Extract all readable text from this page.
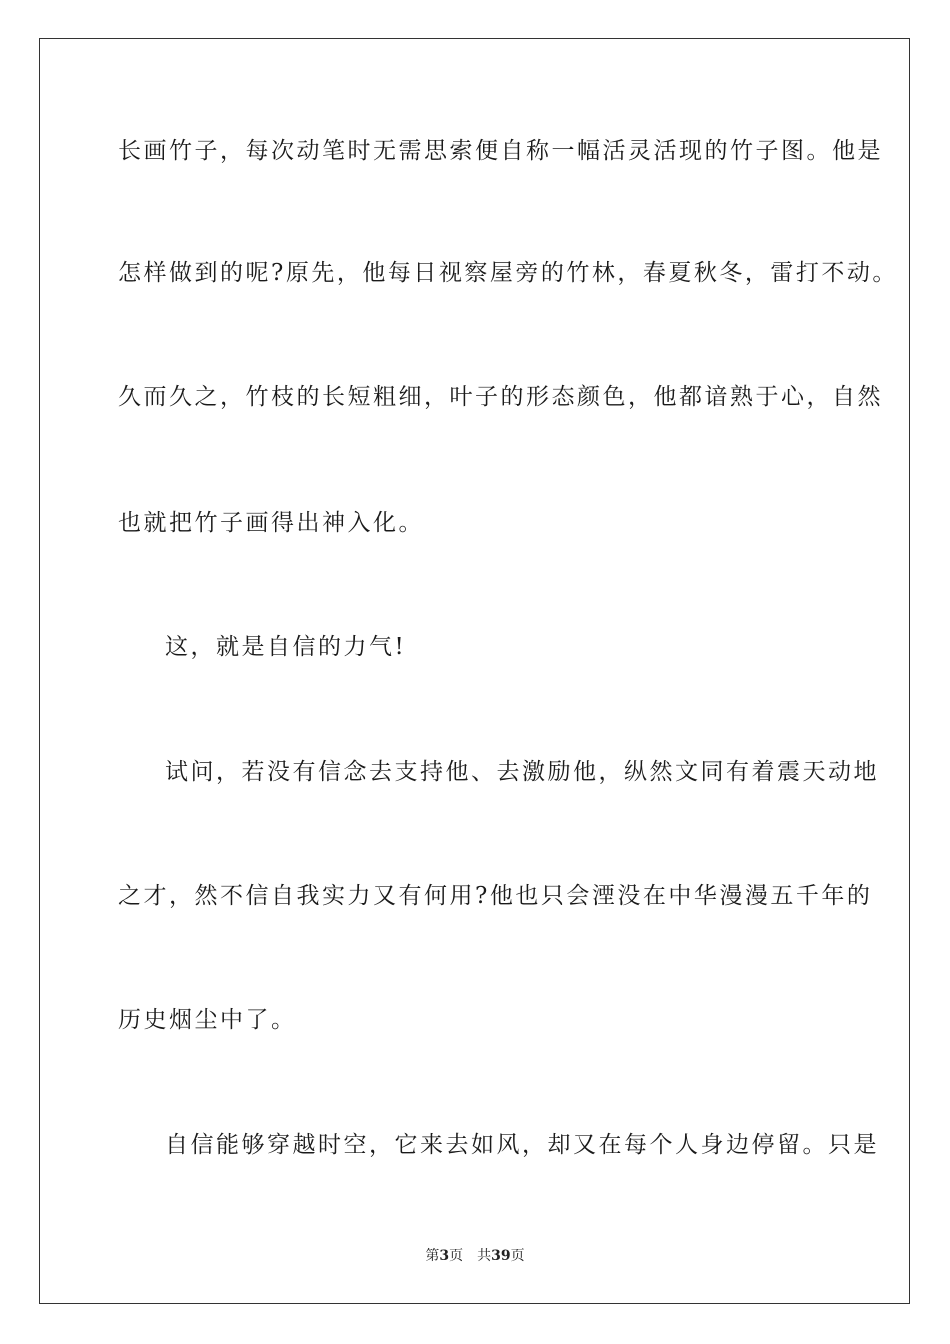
长画竹子，每次动笔时无需思索便自称一幅活灵活现的竹子图。他是
怎样做到的呢?原先，他每日视察屋旁的竹林，春夏秋冬，雷打不动。
久而久之，竹枝的长短粗细，叶子的形态颜色，他都谙熟于心，自然
也就把竹子画得出神入化。
这，就是自信的力气!
试问，若没有信念去支持他、去激励他，纵然文同有着震天动地
之才，然不信自我实力又有何用?他也只会湮没在中华漫漫五千年的
历史烟尘中了。
自信能够穿越时空，它来去如风，却又在每个人身边停留。只是
第3页 共39页
